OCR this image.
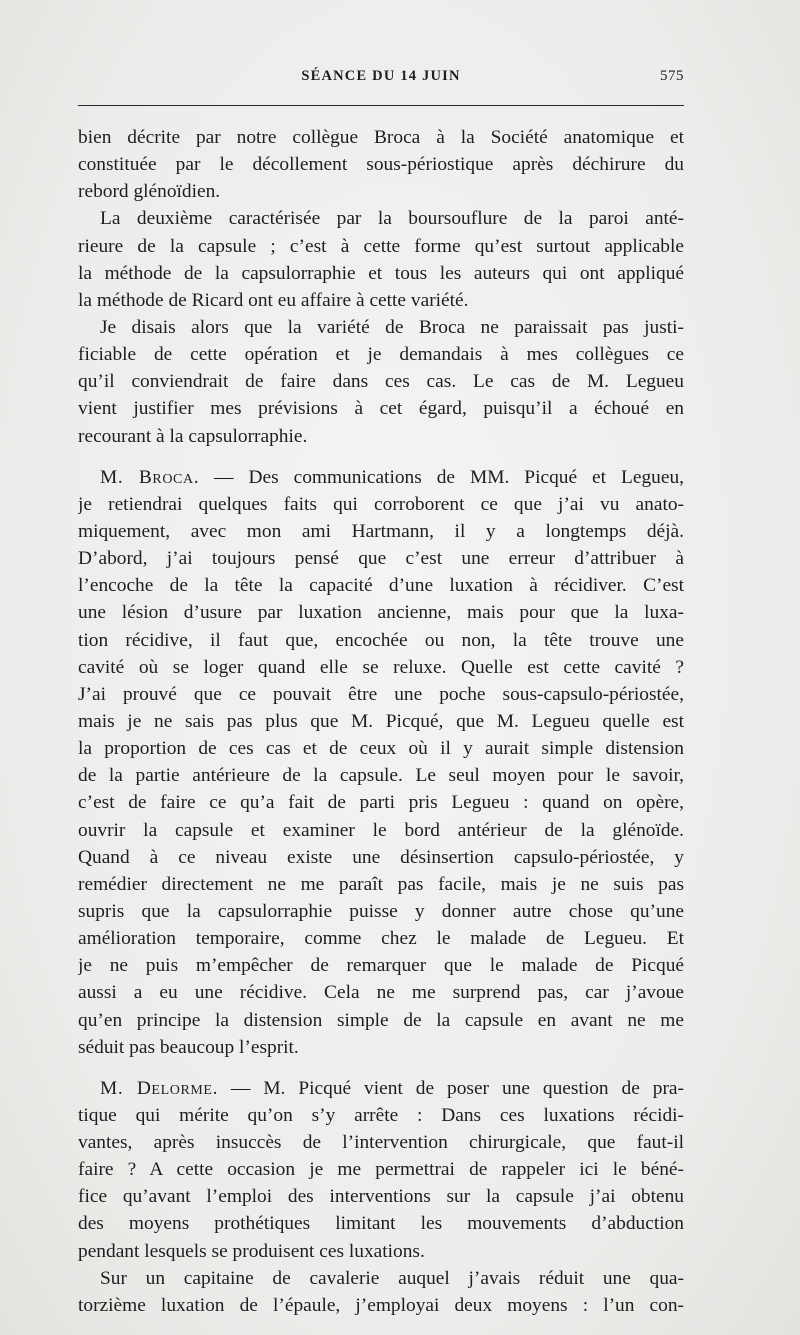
SÉANCE DU 14 JUIN	575
bien décrite par notre collègue Broca à la Société anatomique et
constituée par le décollement sous-périostique après déchirure du
rebord glénoïdien.
La deuxième caractérisée par la boursouflure de la paroi anté-
rieure de la capsule ; c’est à cette forme qu’est surtout applicable
la méthode de la capsulorraphie et tous les auteurs qui ont appliqué
la méthode de Ricard ont eu affaire à cette variété.
Je disais alors que la variété de Broca ne paraissait pas justi-
ficiable de cette opération et je demandais à mes collègues ce
qu’il conviendrait de faire dans ces cas. Le cas de M. Legueu
vient justifier mes prévisions à cet égard, puisqu’il a échoué en
recourant à la capsulorraphie.
M. Broca. — Des communications de MM. Picqué et Legueu,
je retiendrai quelques faits qui corroborent ce que j’ai vu anato-
miquement, avec mon ami Hartmann, il y a longtemps déjà.
D’abord, j’ai toujours pensé que c’est une erreur d’attribuer à
l’encoche de la tête la capacité d’une luxation à récidiver. C’est
une lésion d’usure par luxation ancienne, mais pour que la luxa-
tion récidive, il faut que, encochée ou non, la tête trouve une
cavité où se loger quand elle se reluxe. Quelle est cette cavité ?
J’ai prouvé que ce pouvait être une poche sous-capsulo-périostée,
mais je ne sais pas plus que M. Picqué, que M. Legueu quelle est
la proportion de ces cas et de ceux où il y aurait simple distension
de la partie antérieure de la capsule. Le seul moyen pour le savoir,
c’est de faire ce qu’a fait de parti pris Legueu : quand on opère,
ouvrir la capsule et examiner le bord antérieur de la glénoïde.
Quand à ce niveau existe une désinsertion capsulo-périostée, y
remédier directement ne me paraît pas facile, mais je ne suis pas
supris que la capsulorraphie puisse y donner autre chose qu’une
amélioration temporaire, comme chez le malade de Legueu. Et
je ne puis m’empêcher de remarquer que le malade de Picqué
aussi a eu une récidive. Cela ne me surprend pas, car j’avoue
qu’en principe la distension simple de la capsule en avant ne me
séduit pas beaucoup l’esprit.
M. Delorme. — M. Picqué vient de poser une question de pra-
tique qui mérite qu’on s’y arrête : Dans ces luxations récidi-
vantes, après insuccès de l’intervention chirurgicale, que faut-il
faire ? A cette occasion je me permettrai de rappeler ici le béné-
fice qu’avant l’emploi des interventions sur la capsule j’ai obtenu
des moyens prothétiques limitant les mouvements d’abduction
pendant lesquels se produisent ces luxations.
Sur un capitaine de cavalerie auquel j’avais réduit une qua-
torzième luxation de l’épaule, j’employai deux moyens : l’un con-
